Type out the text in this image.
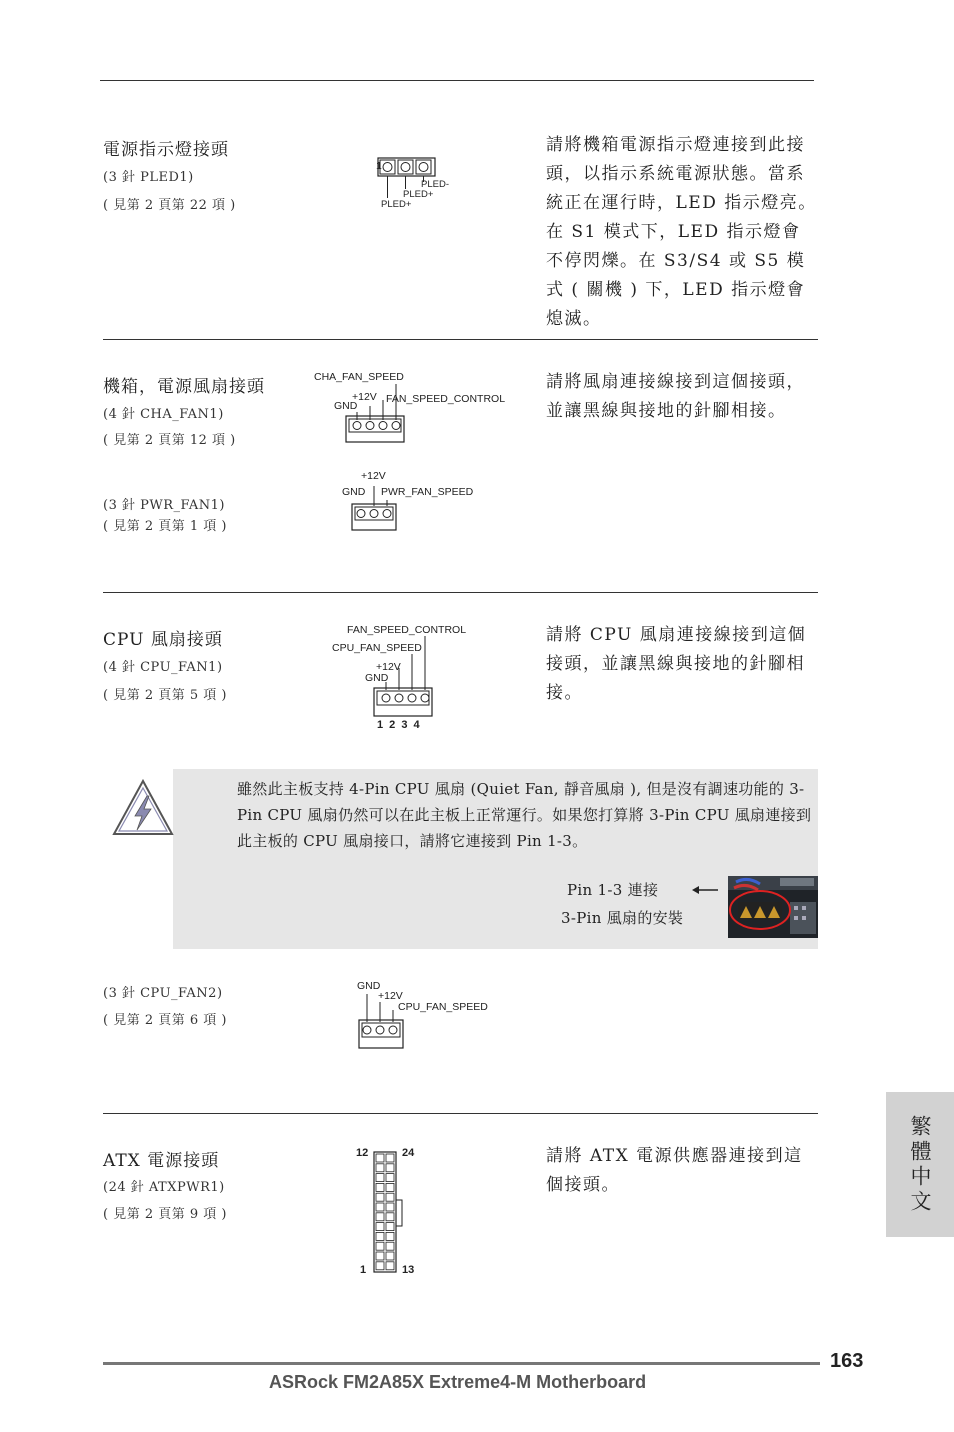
電源指示燈接頭
(3 針 PLED1)
( 見第 2 頁第 22 項 )
1
PLED-
PLED+
PLED+
請將機箱電源指示燈連接到此接頭，以指示系統電源狀態。當系統正在運行時，LED 指示燈亮。在 S1 模式下，LED 指示燈會不停閃爍。在 S3/S4 或 S5 模式 ( 關機 ) 下，LED 指示燈會熄滅。
機箱，電源風扇接頭
(4 針 CHA_FAN1)
( 見第 2 頁第 12 項 )
(3 針 PWR_FAN1)
( 見第 2 頁第 1 項 )
CHA_FAN_SPEED
+12V FAN_SPEED_CONTROL
GND
+12V
GND PWR_FAN_SPEED
請將風扇連接線接到這個接頭，並讓黑線與接地的針腳相接。
CPU 風扇接頭
(4 針 CPU_FAN1)
( 見第 2 頁第 5 項 )
FAN_SPEED_CONTROL
CPU_FAN_SPEED
+12V
GND
1 2 3 4
請將 CPU 風扇連接線接到這個接頭，並讓黑線與接地的針腳相接。
雖然此主板支持 4-Pin CPU 風扇 (Quiet Fan, 靜音風扇 ), 但是沒有調速功能的 3-Pin CPU 風扇仍然可以在此主板上正常運行。如果您打算將 3-Pin CPU 風扇連接到此主板的 CPU 風扇接口，請將它連接到 Pin 1-3。
Pin 1-3 連接
3-Pin 風扇的安裝
(3 針 CPU_FAN2)
( 見第 2 頁第 6 項 )
GND
+12V
CPU_FAN_SPEED
ATX 電源接頭
(24 針 ATXPWR1)
( 見第 2 頁第 9 項 )
12	24
1	13
請將 ATX 電源供應器連接到這個接頭。	繁體中文
163
ASRock FM2A85X Extreme4-M Motherboard
